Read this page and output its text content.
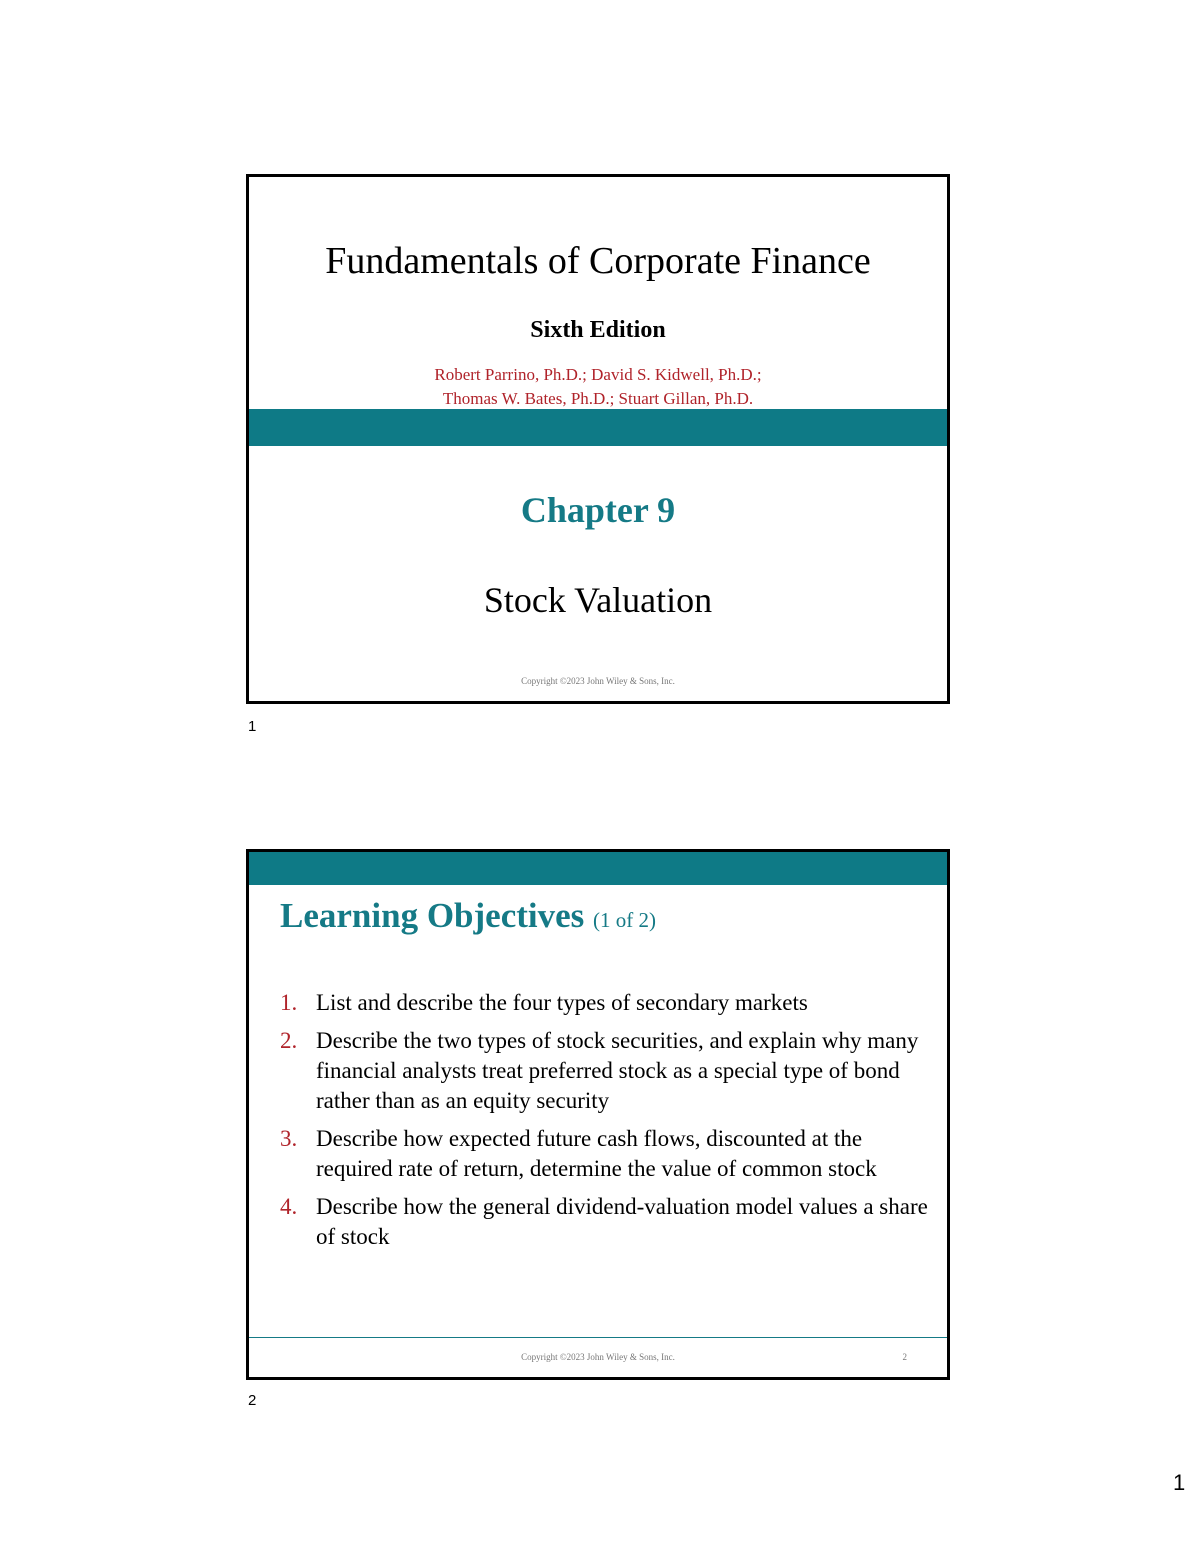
Fundamentals of Corporate Finance
Sixth Edition
Robert Parrino, Ph.D.; David S. Kidwell, Ph.D.;
Thomas W. Bates, Ph.D.; Stuart Gillan, Ph.D.
Chapter 9
Stock Valuation
Copyright ©2023 John Wiley & Sons, Inc.
1
Learning Objectives (1 of 2)
1. List and describe the four types of secondary markets
2. Describe the two types of stock securities, and explain why many financial analysts treat preferred stock as a special type of bond rather than as an equity security
3. Describe how expected future cash flows, discounted at the required rate of return, determine the value of common stock
4. Describe how the general dividend-valuation model values a share of stock
Copyright ©2023 John Wiley & Sons, Inc.	2
2
1
